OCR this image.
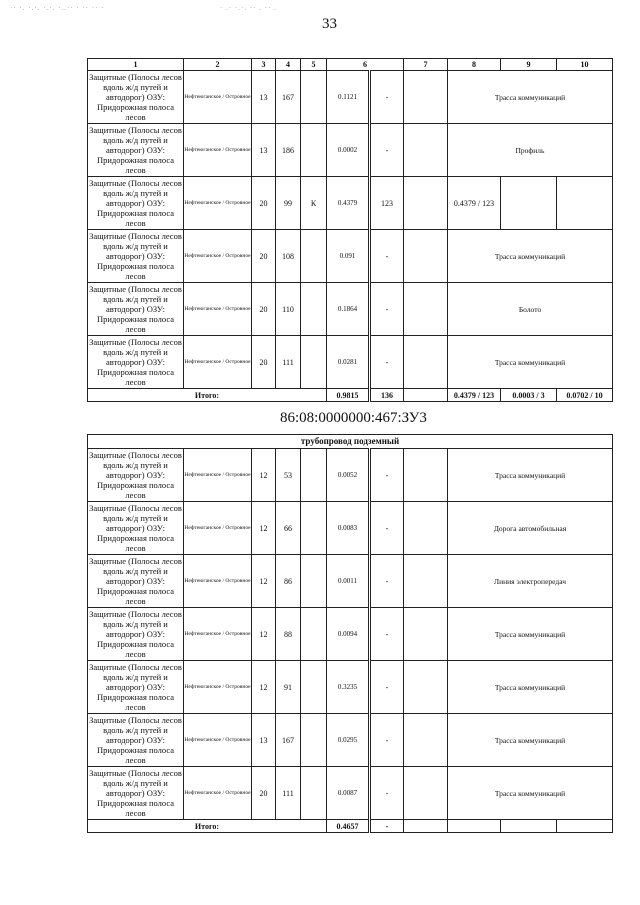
·· ·. ·.·. ·.·. ·..·· · ·· ·· ·	· .· ·.·. ·· . ·· .
33
1	2	3	4	5	6		7	8	9	10
Защитные (Полосы лесов вдоль ж/д путей и автодорог) ОЗУ: Придорожная полоса лесов	Нефтеюганское / Островное	13	167		0.1121	-		Трасса коммуникаций		
Защитные (Полосы лесов вдоль ж/д путей и автодорог) ОЗУ: Придорожная полоса лесов	Нефтеюганское / Островное	13	186		0.0002	-		Профиль		
Защитные (Полосы лесов вдоль ж/д путей и автодорог) ОЗУ: Придорожная полоса лесов	Нефтеюганское / Островное	20	99	К	0.4379	123		0.4379 / 123		
Защитные (Полосы лесов вдоль ж/д путей и автодорог) ОЗУ: Придорожная полоса лесов	Нефтеюганское / Островное	20	108		0.091	-		Трасса коммуникаций		
Защитные (Полосы лесов вдоль ж/д путей и автодорог) ОЗУ: Придорожная полоса лесов	Нефтеюганское / Островное	20	110		0.1864	-		Болото		
Защитные (Полосы лесов вдоль ж/д путей и автодорог) ОЗУ: Придорожная полоса лесов	Нефтеюганское / Островное	20	111		0.0281	-		Трасса коммуникаций		
Итого:					0.9815	136		0.4379 / 123	0.0003 / 3	0.0702 / 10
86:08:0000000:467:ЗУ3
трубопровод подземный										
Защитные (Полосы лесов вдоль ж/д путей и автодорог) ОЗУ: Придорожная полоса лесов	Нефтеюганское / Островное	12	53		0.0052	-		Трасса коммуникаций		
Защитные (Полосы лесов вдоль ж/д путей и автодорог) ОЗУ: Придорожная полоса лесов	Нефтеюганское / Островное	12	66		0.0083	-		Дорога автомобильная		
Защитные (Полосы лесов вдоль ж/д путей и автодорог) ОЗУ: Придорожная полоса лесов	Нефтеюганское / Островное	12	86		0.0011	-		Линия электропередач		
Защитные (Полосы лесов вдоль ж/д путей и автодорог) ОЗУ: Придорожная полоса лесов	Нефтеюганское / Островное	12	88		0.0094	-		Трасса коммуникаций		
Защитные (Полосы лесов вдоль ж/д путей и автодорог) ОЗУ: Придорожная полоса лесов	Нефтеюганское / Островное	12	91		0.3235	-		Трасса коммуникаций		
Защитные (Полосы лесов вдоль ж/д путей и автодорог) ОЗУ: Придорожная полоса лесов	Нефтеюганское / Островное	13	167		0.0295	-		Трасса коммуникаций		
Защитные (Полосы лесов вдоль ж/д путей и автодорог) ОЗУ: Придорожная полоса лесов	Нефтеюганское / Островное	20	111		0.0087	-		Трасса коммуникаций		
Итого:					0.4657	-				
